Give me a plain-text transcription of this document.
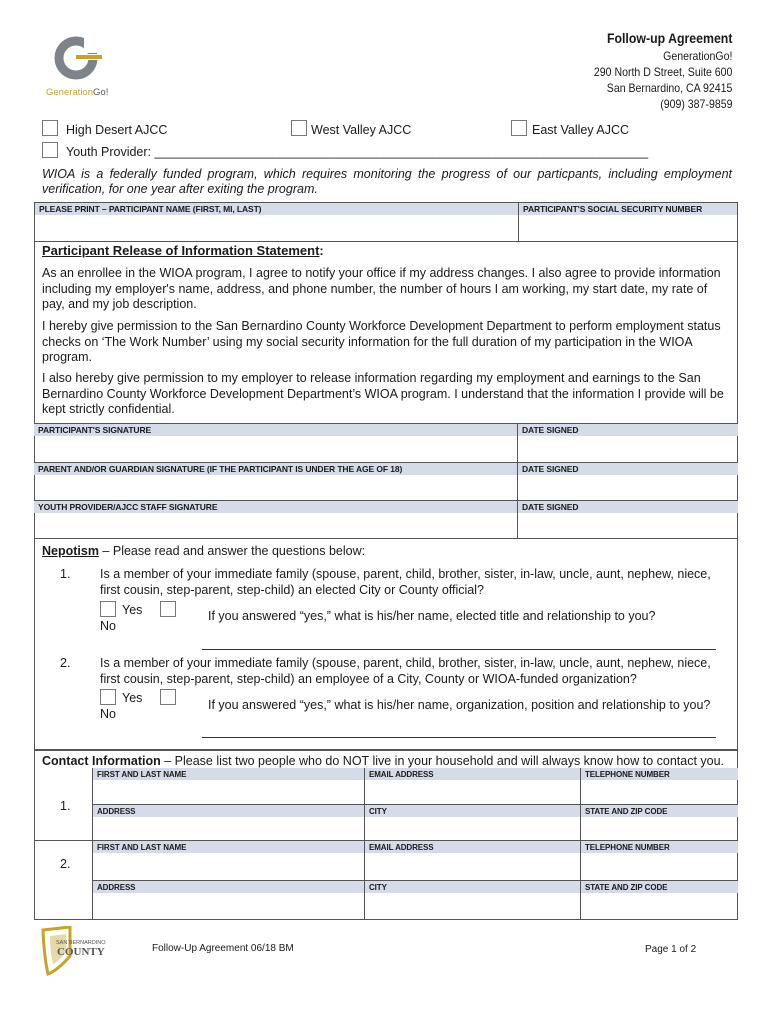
GenerationGo!
Follow-up Agreement
GenerationGo!
290 North D Street, Suite 600
San Bernardino, CA 92415
(909) 387-9859
High Desert AJCC	West Valley AJCC	East Valley AJCC
Youth Provider: _______________________________________________________________________
WIOA is a federally funded program, which requires monitoring the progress of our particpants, including employment verification, for one year after exiting the program.
PLEASE PRINT – PARTICIPANT NAME (FIRST, MI, LAST)	PARTICIPANT'S SOCIAL SECURITY NUMBER
Participant Release of Information Statement:
As an enrollee in the WIOA program, I agree to notify your office if my address changes. I also agree to provide information including my employer's name, address, and phone number, the number of hours I am working, my start date, my rate of pay, and my job description.
I hereby give permission to the San Bernardino County Workforce Development Department to perform employment status checks on ‘The Work Number’ using my social security information for the full duration of my participation in the WIOA program.
I also hereby give permission to my employer to release information regarding my employment and earnings to the San Bernardino County Workforce Development Department’s WIOA program. I understand that the information I provide will be kept strictly confidential.
PARTICIPANT'S SIGNATURE	DATE SIGNED
PARENT AND/OR GUARDIAN SIGNATURE (IF THE PARTICIPANT IS UNDER THE AGE OF 18)	DATE SIGNED
YOUTH PROVIDER/AJCC STAFF SIGNATURE	DATE SIGNED
Nepotism – Please read and answer the questions below:
1. Is a member of your immediate family (spouse, parent, child, brother, sister, in-law, uncle, aunt, nephew, niece, first cousin, step-parent, step-child) an elected City or County official?
Yes
No
If you answered “yes,” what is his/her name, elected title and relationship to you?
2. Is a member of your immediate family (spouse, parent, child, brother, sister, in-law, uncle, aunt, nephew, niece, first cousin, step-parent, step-child) an employee of a City, County or WIOA-funded organization?
Yes
No
If you answered “yes,” what is his/her name, organization, position and relationship to you?
Contact Information – Please list two people who do NOT live in your household and will always know how to contact you.
FIRST AND LAST NAME	EMAIL ADDRESS	TELEPHONE NUMBER
ADDRESS	CITY	STATE AND ZIP CODE
FIRST AND LAST NAME	EMAIL ADDRESS	TELEPHONE NUMBER
ADDRESS	CITY	STATE AND ZIP CODE
1.
2.
SAN BERNARDINO
COUNTY	Follow-Up Agreement 06/18 BM	Page 1 of 2
